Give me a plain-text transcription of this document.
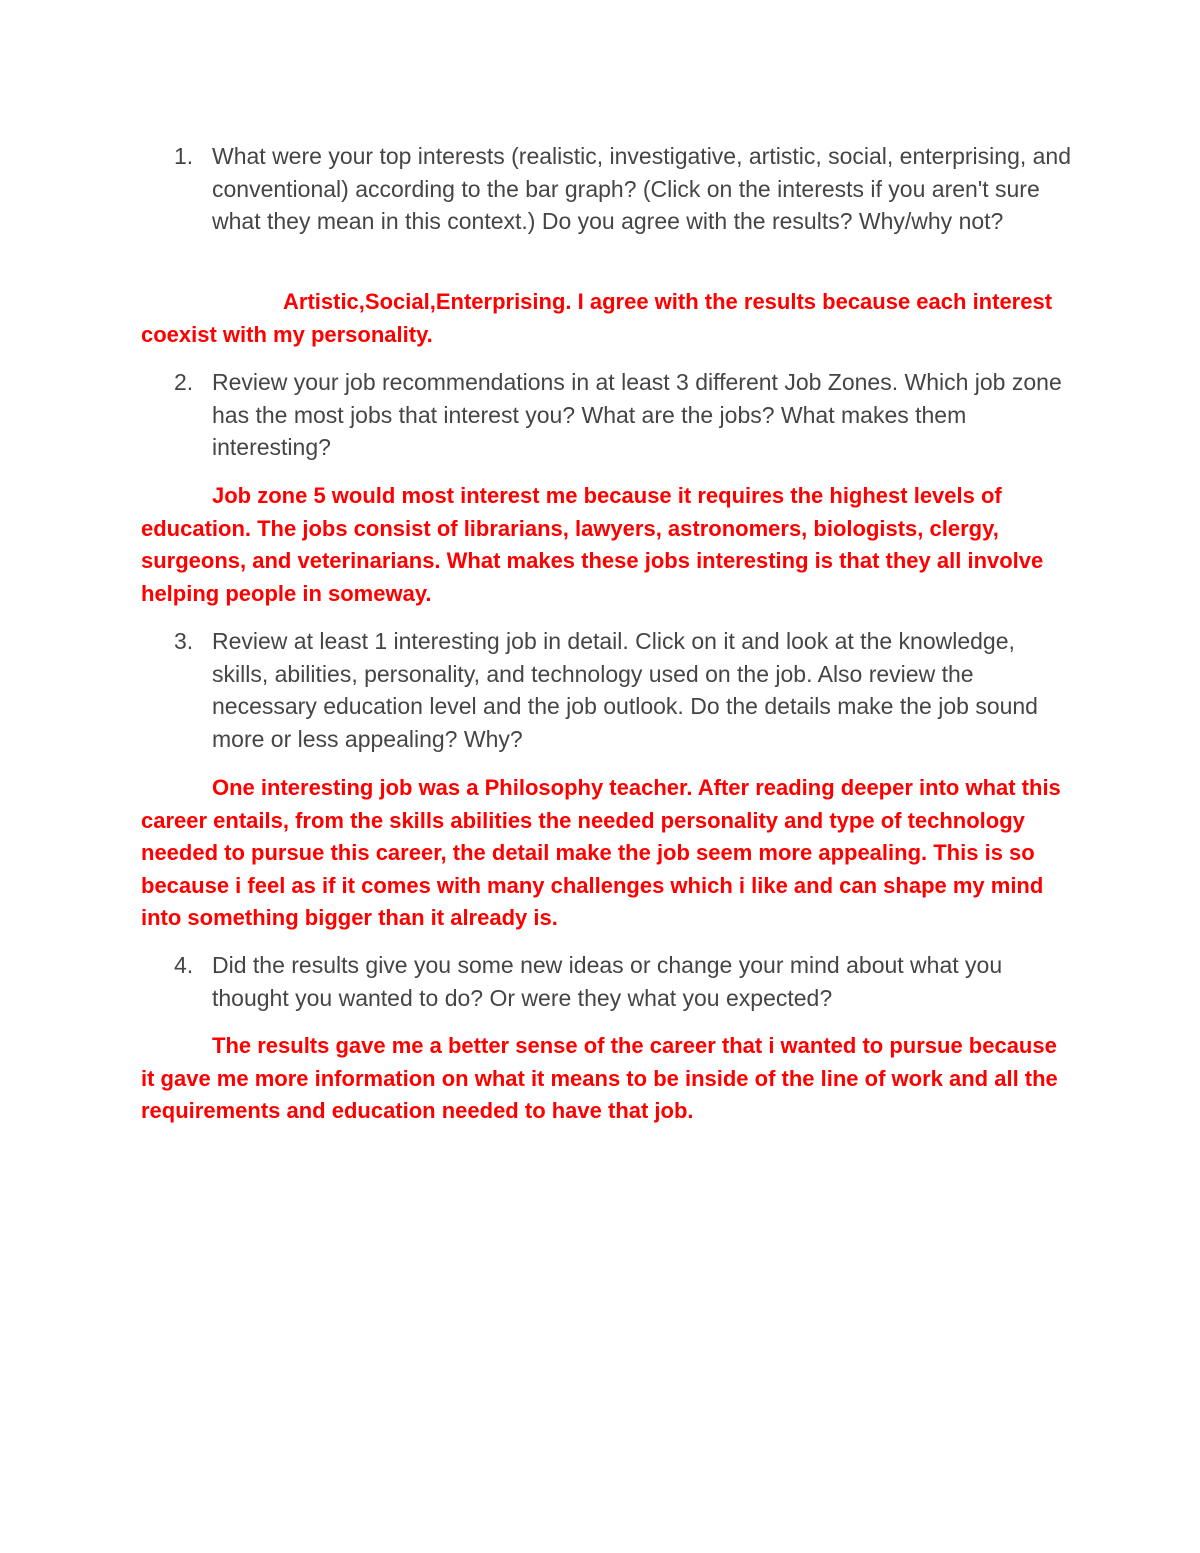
1. What were your top interests (realistic, investigative, artistic, social, enterprising, and conventional) according to the bar graph? (Click on the interests if you aren't sure what they mean in this context.) Do you agree with the results? Why/why not?
Artistic,Social,Enterprising. I agree with the results because each interest coexist with my personality.
2. Review your job recommendations in at least 3 different Job Zones. Which job zone has the most jobs that interest you? What are the jobs? What makes them interesting?
Job zone 5 would most interest me because it requires the highest levels of education. The jobs consist of librarians, lawyers, astronomers, biologists, clergy, surgeons, and veterinarians. What makes these jobs interesting is that they all involve helping people in someway.
3. Review at least 1 interesting job in detail. Click on it and look at the knowledge, skills, abilities, personality, and technology used on the job. Also review the necessary education level and the job outlook. Do the details make the job sound more or less appealing? Why?
One interesting job was a Philosophy teacher. After reading deeper into what this career entails, from the skills abilities the needed personality and type of technology needed to pursue this career, the detail make the job seem more appealing. This is so because i feel as if it comes with many challenges which i like and can shape my mind into something bigger than it already is.
4. Did the results give you some new ideas or change your mind about what you thought you wanted to do? Or were they what you expected?
The results gave me a better sense of the career that i wanted to pursue because it gave me more information on what it means to be inside of the line of work and all the requirements and education needed to have that job.
